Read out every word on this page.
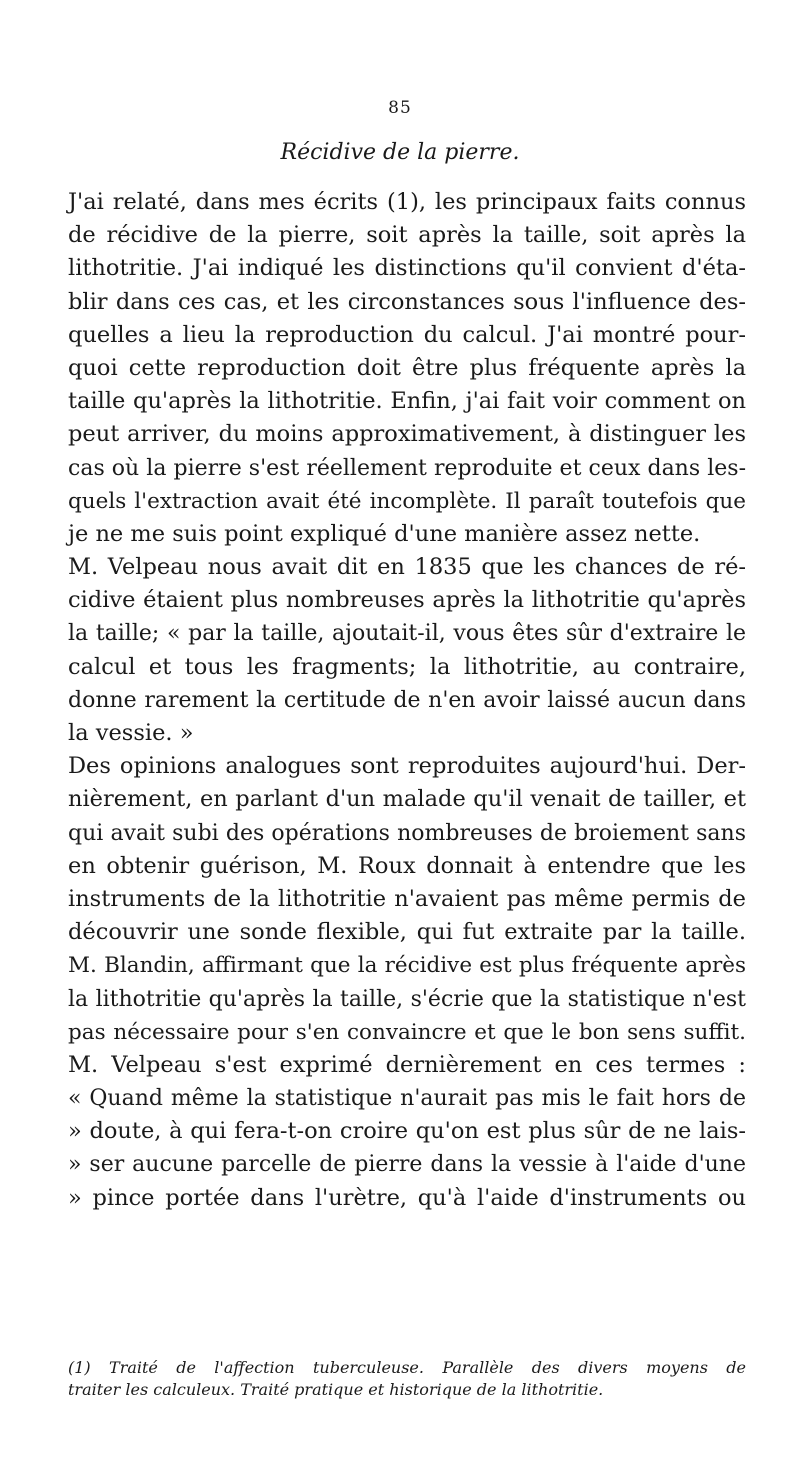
85
Récidive de la pierre.
J'ai relaté, dans mes écrits (1), les principaux faits connus
de récidive de la pierre, soit après la taille, soit après la
lithotritie. J'ai indiqué les distinctions qu'il convient d'éta-
blir dans ces cas, et les circonstances sous l'influence des-
quelles a lieu la reproduction du calcul. J'ai montré pour-
quoi cette reproduction doit être plus fréquente après la
taille qu'après la lithotritie. Enfin, j'ai fait voir comment on
peut arriver, du moins approximativement, à distinguer les
cas où la pierre s'est réellement reproduite et ceux dans les-
quels l'extraction avait été incomplète. Il paraît toutefois que
je ne me suis point expliqué d'une manière assez nette.
M. Velpeau nous avait dit en 1835 que les chances de ré-
cidive étaient plus nombreuses après la lithotritie qu'après
la taille; « par la taille, ajoutait-il, vous êtes sûr d'extraire le
calcul et tous les fragments; la lithotritie, au contraire,
donne rarement la certitude de n'en avoir laissé aucun dans
la vessie. »
Des opinions analogues sont reproduites aujourd'hui. Der-
nièrement, en parlant d'un malade qu'il venait de tailler, et
qui avait subi des opérations nombreuses de broiement sans
en obtenir guérison, M. Roux donnait à entendre que les
instruments de la lithotritie n'avaient pas même permis de
découvrir une sonde flexible, qui fut extraite par la taille.
M. Blandin, affirmant que la récidive est plus fréquente après
la lithotritie qu'après la taille, s'écrie que la statistique n'est
pas nécessaire pour s'en convaincre et que le bon sens suffit.
M. Velpeau s'est exprimé dernièrement en ces termes :
« Quand même la statistique n'aurait pas mis le fait hors de
» doute, à qui fera-t-on croire qu'on est plus sûr de ne lais-
» ser aucune parcelle de pierre dans la vessie à l'aide d'une
» pince portée dans l'urètre, qu'à l'aide d'instruments ou
(1) Traité de l'affection tuberculeuse. Parallèle des divers moyens de
traiter les calculeux. Traité pratique et historique de la lithotritie.
